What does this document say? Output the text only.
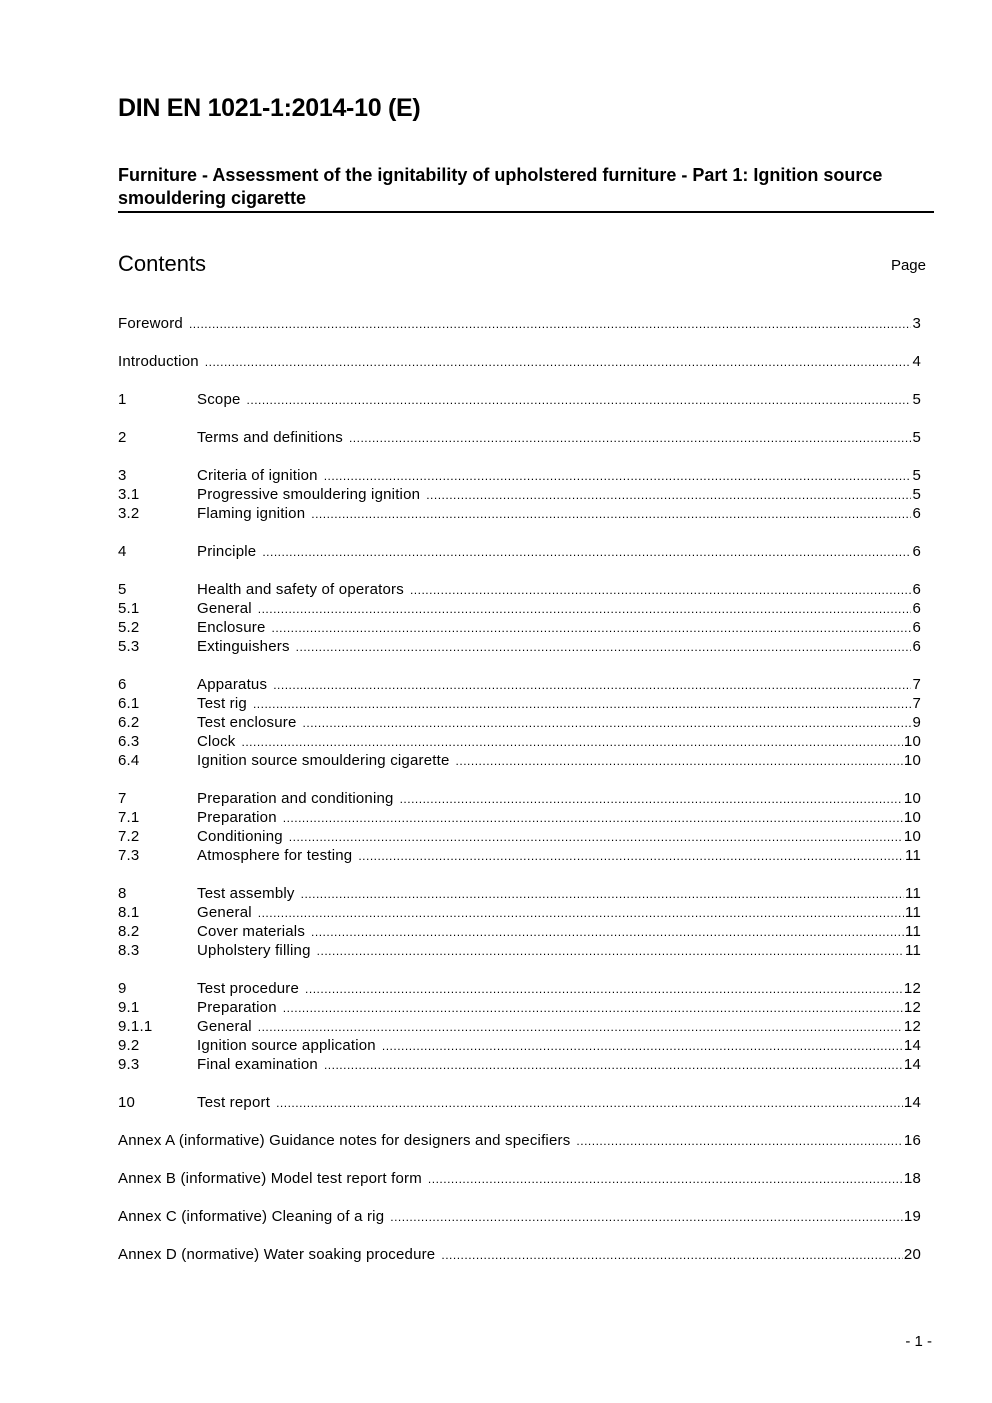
DIN EN 1021-1:2014-10 (E)
Furniture - Assessment of the ignitability of upholstered furniture - Part 1: Ignition source smouldering cigarette
Contents	Page
Foreword .....	3
Introduction .....	4
1	Scope .....	5
2	Terms and definitions .....	5
3	Criteria of ignition .....	5
3.1	Progressive smouldering ignition .....	5
3.2	Flaming ignition .....	6
4	Principle .....	6
5	Health and safety of operators .....	6
5.1	General .....	6
5.2	Enclosure .....	6
5.3	Extinguishers .....	6
6	Apparatus .....	7
6.1	Test rig .....	7
6.2	Test enclosure .....	9
6.3	Clock .....	10
6.4	Ignition source smouldering cigarette .....	10
7	Preparation and conditioning .....	10
7.1	Preparation .....	10
7.2	Conditioning .....	10
7.3	Atmosphere for testing .....	11
8	Test assembly .....	11
8.1	General .....	11
8.2	Cover materials .....	11
8.3	Upholstery filling .....	11
9	Test procedure .....	12
9.1	Preparation .....	12
9.1.1	General .....	12
9.2	Ignition source application .....	14
9.3	Final examination .....	14
10	Test report .....	14
Annex A (informative) Guidance notes for designers and specifiers .....	16
Annex B (informative) Model test report form .....	18
Annex C (informative) Cleaning of a rig .....	19
Annex D (normative) Water soaking procedure .....	20
- 1 -
